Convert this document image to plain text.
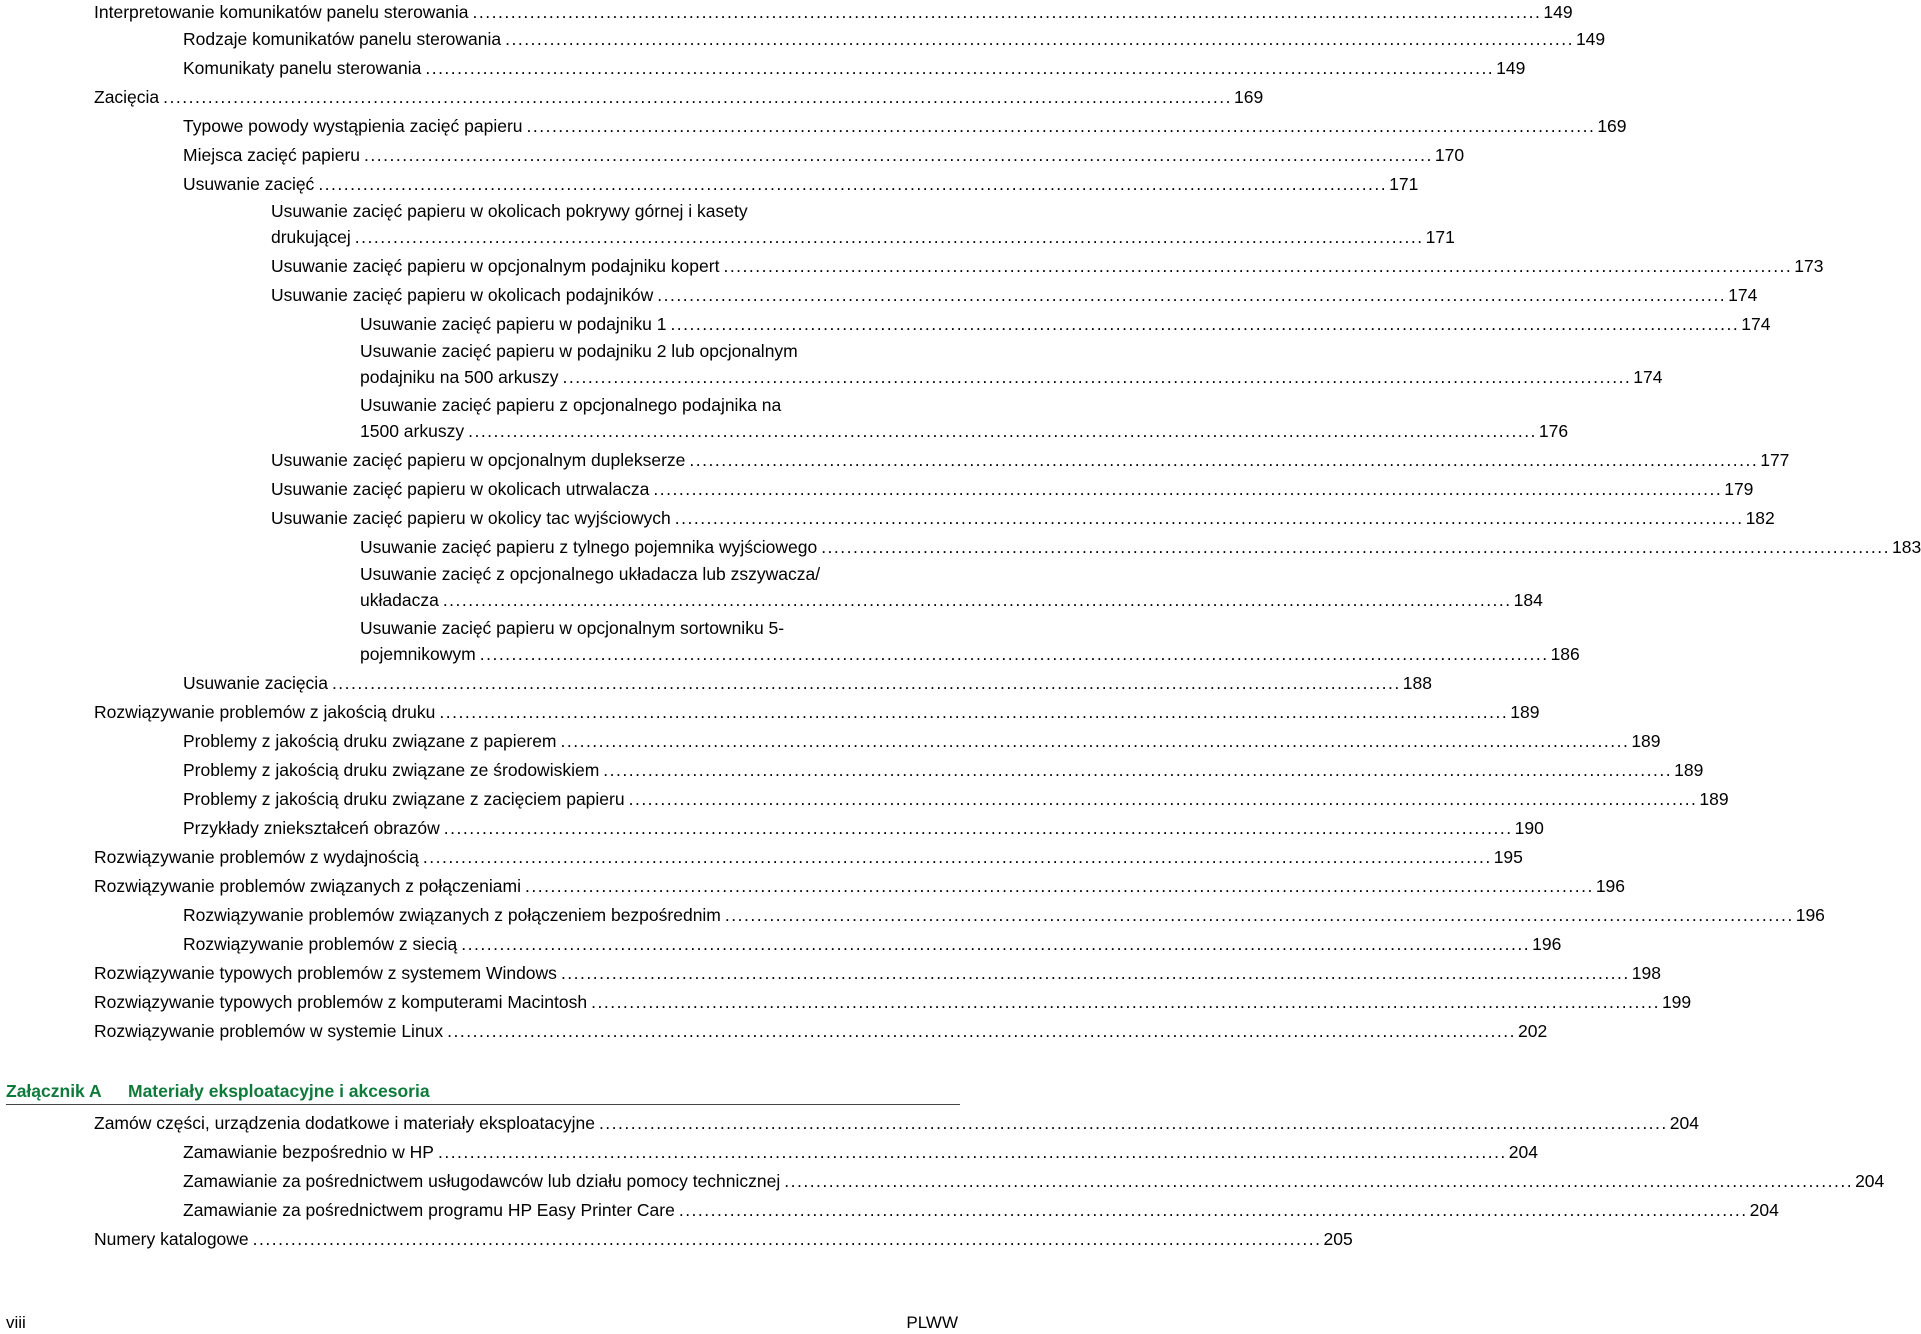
Interpretowanie komunikatów panelu sterowania ........................................................................................................................................................................ 149
Rodzaje komunikatów panelu sterowania ........................................................................................................................................................................ 149
Komunikaty panelu sterowania ........................................................................................................................................................................ 149
Zacięcia ........................................................................................................................................................................ 169
Typowe powody wystąpienia zacięć papieru ........................................................................................................................................................................ 169
Miejsca zacięć papieru ........................................................................................................................................................................ 170
Usuwanie zacięć ........................................................................................................................................................................ 171
Usuwanie zacięć papieru w okolicach pokrywy górnej i kasety
drukującej ........................................................................................................................................................................ 171
Usuwanie zacięć papieru w opcjonalnym podajniku kopert ........................................................................................................................................................................ 173
Usuwanie zacięć papieru w okolicach podajników ........................................................................................................................................................................ 174
Usuwanie zacięć papieru w podajniku 1 ........................................................................................................................................................................ 174
Usuwanie zacięć papieru w podajniku 2 lub opcjonalnym
podajniku na 500 arkuszy ........................................................................................................................................................................ 174
Usuwanie zacięć papieru z opcjonalnego podajnika na
1500 arkuszy ........................................................................................................................................................................ 176
Usuwanie zacięć papieru w opcjonalnym duplekserze ........................................................................................................................................................................ 177
Usuwanie zacięć papieru w okolicach utrwalacza ........................................................................................................................................................................ 179
Usuwanie zacięć papieru w okolicy tac wyjściowych ........................................................................................................................................................................ 182
Usuwanie zacięć papieru z tylnego pojemnika wyjściowego ........................................................................................................................................................................ 183
Usuwanie zacięć z opcjonalnego układacza lub zszywacza/
układacza ........................................................................................................................................................................ 184
Usuwanie zacięć papieru w opcjonalnym sortowniku 5-
pojemnikowym ........................................................................................................................................................................ 186
Usuwanie zacięcia ........................................................................................................................................................................ 188
Rozwiązywanie problemów z jakością druku ........................................................................................................................................................................ 189
Problemy z jakością druku związane z papierem ........................................................................................................................................................................ 189
Problemy z jakością druku związane ze środowiskiem ........................................................................................................................................................................ 189
Problemy z jakością druku związane z zacięciem papieru ........................................................................................................................................................................ 189
Przykłady zniekształceń obrazów ........................................................................................................................................................................ 190
Rozwiązywanie problemów z wydajnością ........................................................................................................................................................................ 195
Rozwiązywanie problemów związanych z połączeniami ........................................................................................................................................................................ 196
Rozwiązywanie problemów związanych z połączeniem bezpośrednim ........................................................................................................................................................................ 196
Rozwiązywanie problemów z siecią ........................................................................................................................................................................ 196
Rozwiązywanie typowych problemów z systemem Windows ........................................................................................................................................................................ 198
Rozwiązywanie typowych problemów z komputerami Macintosh ........................................................................................................................................................................ 199
Rozwiązywanie problemów w systemie Linux ........................................................................................................................................................................ 202
Załącznik A Materiały eksploatacyjne i akcesoria
Zamów części, urządzenia dodatkowe i materiały eksploatacyjne ........................................................................................................................................................................ 204
Zamawianie bezpośrednio w HP ........................................................................................................................................................................ 204
Zamawianie za pośrednictwem usługodawców lub działu pomocy technicznej ........................................................................................................................................................................ 204
Zamawianie za pośrednictwem programu HP Easy Printer Care ........................................................................................................................................................................ 204
Numery katalogowe ........................................................................................................................................................................ 205
viii	PLWW
